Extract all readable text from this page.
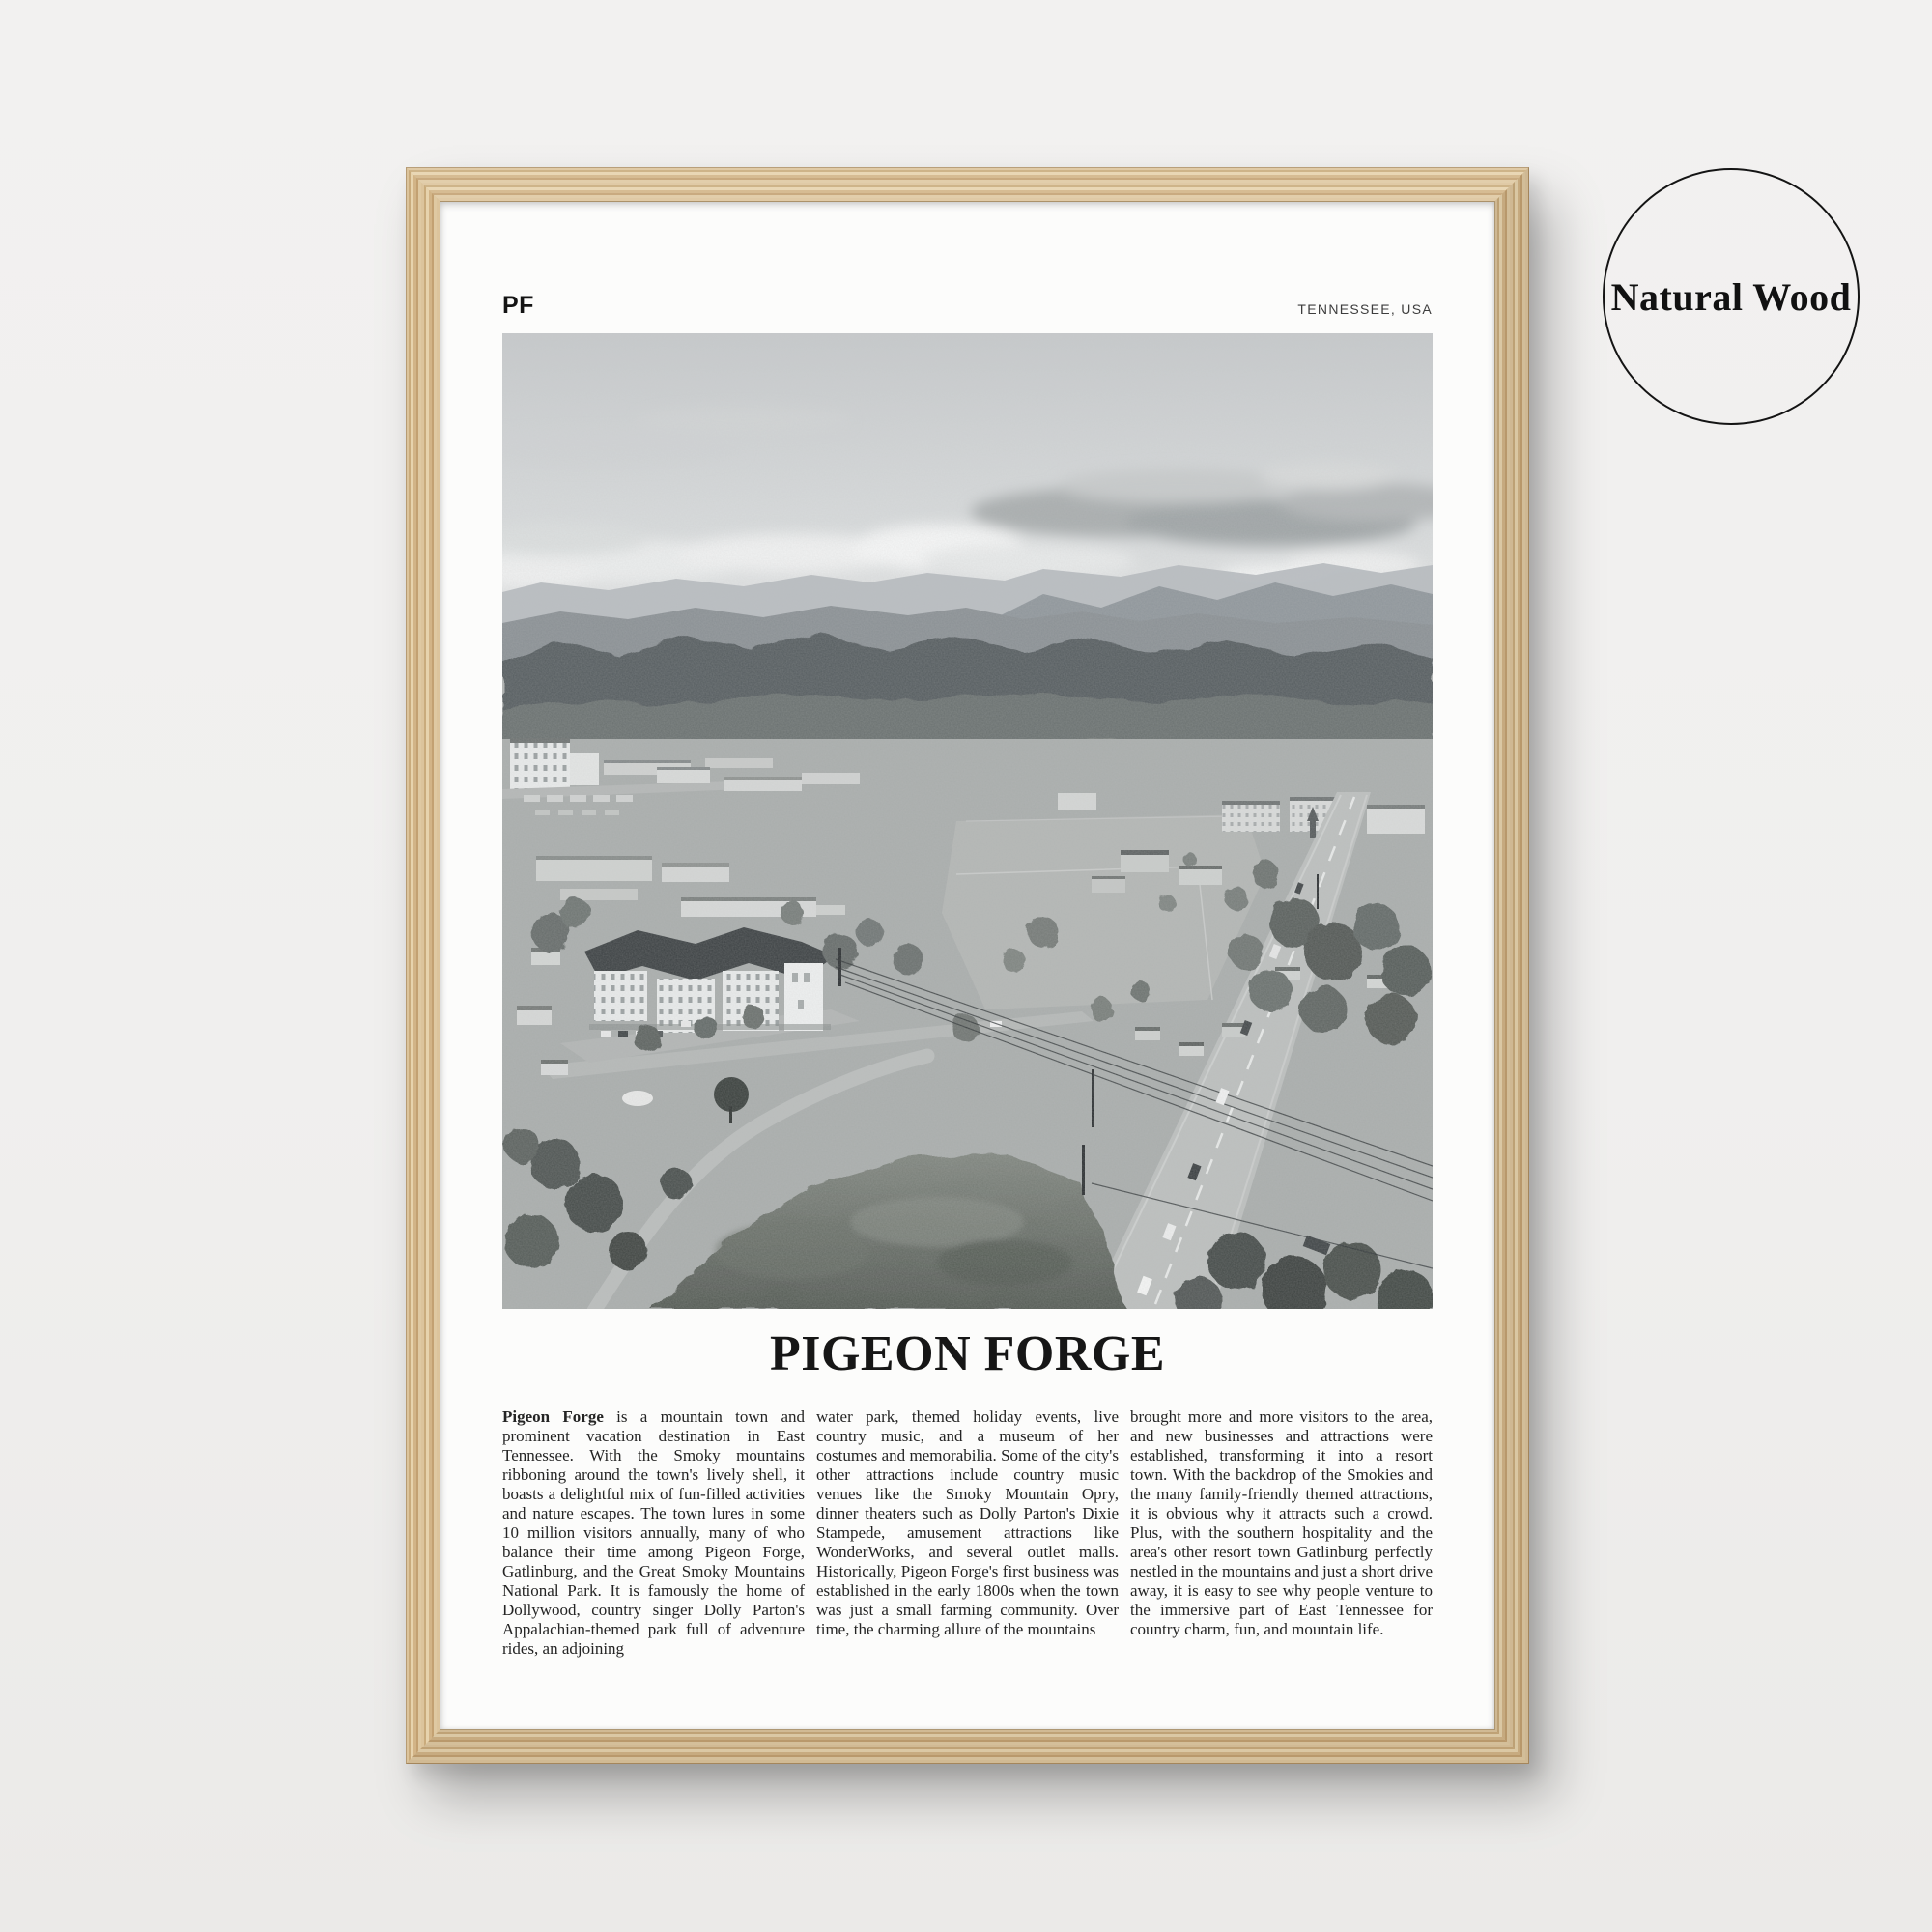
PF	TENNESSEE, USA
PIGEON FORGE
Pigeon Forge is a mountain town and prominent vacation destination in East Tennessee. With the Smoky mountains ribboning around the town's lively shell, it boasts a delightful mix of fun-filled activities and nature escapes. The town lures in some 10 million visitors annually, many of who balance their time among Pigeon Forge, Gatlinburg, and the Great Smoky Mountains National Park. It is famously the home of Dollywood, country singer Dolly Parton's Appalachian-themed park full of adventure rides, an adjoining
water park, themed holiday events, live country music, and a museum of her costumes and memorabilia. Some of the city's other attractions include country music venues like the Smoky Mountain Opry, dinner theaters such as Dolly Parton's Dixie Stampede, amusement attractions like WonderWorks, and several outlet malls. Historically, Pigeon Forge's first business was established in the early 1800s when the town was just a small farming community. Over time, the charming allure of the mountains
brought more and more visitors to the area, and new businesses and attractions were established, transforming it into a resort town. With the backdrop of the Smokies and the many family-friendly themed attractions, it is obvious why it attracts such a crowd. Plus, with the southern hospitality and the area's other resort town Gatlinburg perfectly nestled in the mountains and just a short drive away, it is easy to see why people venture to the immersive part of East Tennessee for country charm, fun, and mountain life.
Natural Wood
